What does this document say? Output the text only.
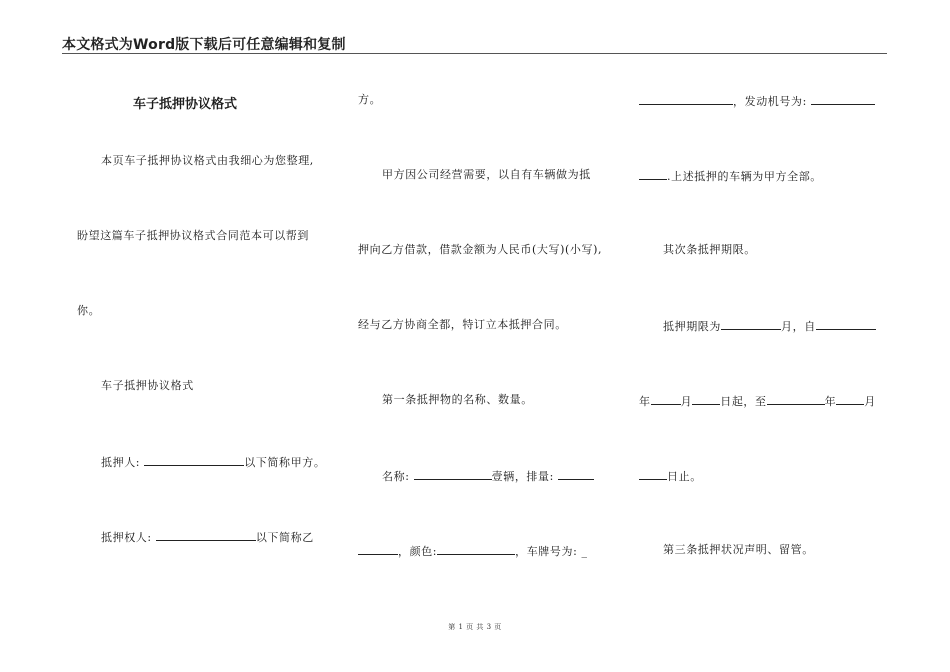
本文格式为Word版下载后可任意编辑和复制
车子抵押协议格式
本页车子抵押协议格式由我细心为您整理,
盼望这篇车子抵押协议格式合同范本可以帮到
你。
车子抵押协议格式
抵押人:	以下简称甲方。
抵押权人:	以下简称乙
方。
甲方因公司经营需要，以自有车辆做为抵
押向乙方借款，借款金额为人民币(大写)(小写),
经与乙方协商全都，特订立本抵押合同。
第一条抵押物的名称、数量。
名称:	壹辆，排量:
，颜色:	，车牌号为: _
，发动机号为:
.上述抵押的车辆为甲方全部。
其次条抵押期限。
抵押期限为	月，自
年	月	日起，至	年	月
日止。
第三条抵押状况声明、留管。
第 1 页 共 3 页
